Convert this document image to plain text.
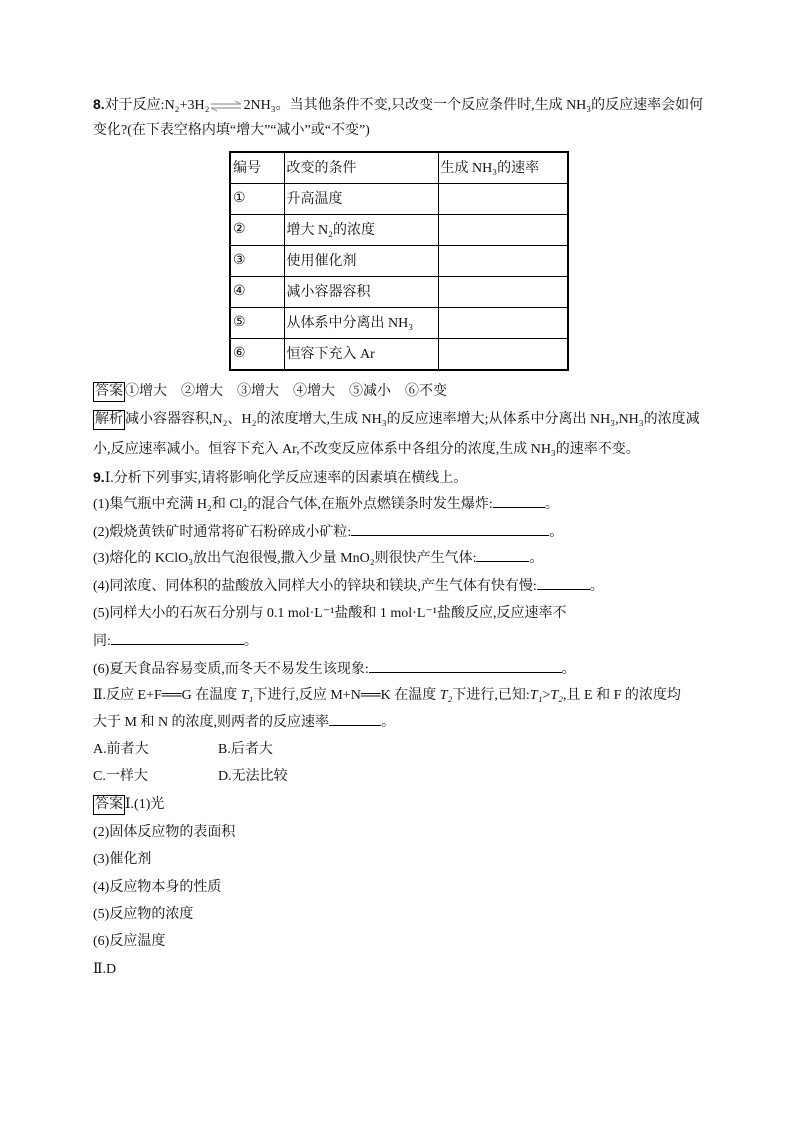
8.对于反应:N₂+3H₂⇌2NH₃。当其他条件不变,只改变一个反应条件时,生成 NH₃的反应速率会如何
变化?(在下表空格内填“增大”“减小”或“不变”)
编号	改变的条件	生成 NH₃的速率
①	升高温度	
②	增大 N₂的浓度	
③	使用催化剂	
④	减小容器容积	
⑤	从体系中分离出 NH₃	
⑥	恒容下充入 Ar	
答案 ①增大 ②增大 ③增大 ④增大 ⑤减小 ⑥不变
解析 减小容器容积,N₂、H₂的浓度增大,生成 NH₃的反应速率增大;从体系中分离出 NH₃,NH₃的浓度减
小,反应速率减小。恒容下充入 Ar,不改变反应体系中各组分的浓度,生成 NH₃的速率不变。
9.Ⅰ.分析下列事实,请将影响化学反应速率的因素填在横线上。
(1)集气瓶中充满 H₂和 Cl₂的混合气体,在瓶外点燃镁条时发生爆炸:	。
(2)煅烧黄铁矿时通常将矿石粉碎成小矿粒:	。
(3)熔化的 KClO₃放出气泡很慢,撒入少量 MnO₂则很快产生气体:	。
(4)同浓度、同体积的盐酸放入同样大小的锌块和镁块,产生气体有快有慢:	。
(5)同样大小的石灰石分别与 0.1 mol·L⁻¹盐酸和 1 mol·L⁻¹盐酸反应,反应速率不
同:	。
(6)夏天食品容易变质,而冬天不易发生该现象:	。
Ⅱ.反应 E+F══G 在温度 T₁下进行,反应 M+N══K 在温度 T₂下进行,已知:T₁>T₂,且 E 和 F 的浓度均
大于 M 和 N 的浓度,则两者的反应速率	。
A.前者大	B.后者大
C.一样大	D.无法比较
答案 Ⅰ.(1)光
(2)固体反应物的表面积
(3)催化剂
(4)反应物本身的性质
(5)反应物的浓度
(6)反应温度
Ⅱ.D
